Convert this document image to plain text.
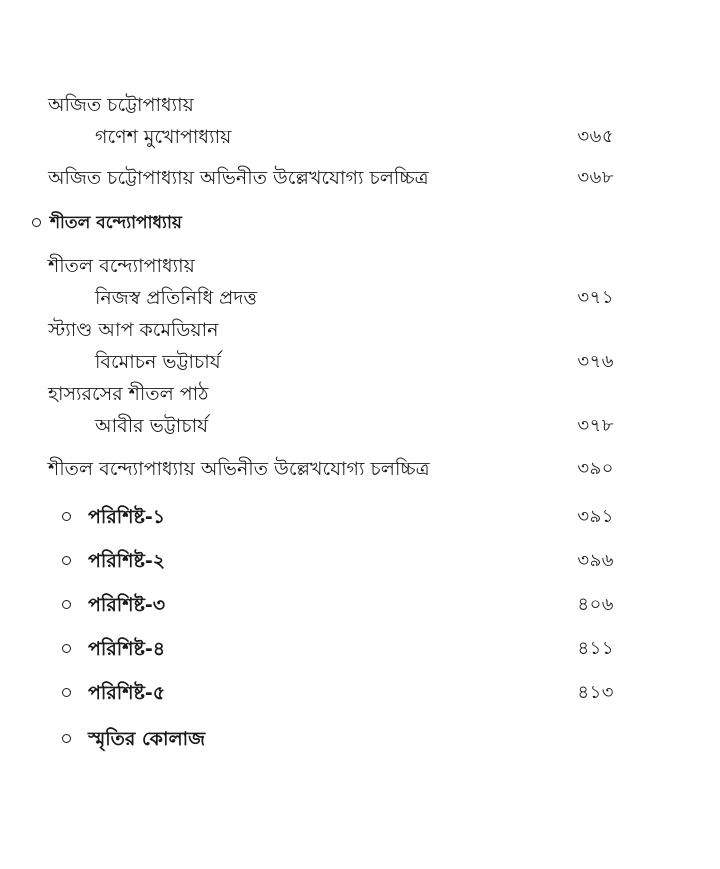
অজিত চট্টোপাধ্যায়
গণেশ মুখোপাধ্যায়	৩৬৫
অজিত চট্টোপাধ্যায় অভিনীত উল্লেখযোগ্য চলচ্চিত্র	৩৬৮
শীতল বন্দ্যোপাধ্যায়
শীতল বন্দ্যোপাধ্যায়
নিজস্ব প্রতিনিধি প্রদত্ত	৩৭১
স্ট্যাণ্ড আপ কমেডিয়ান
বিমোচন ভট্টাচার্য	৩৭৬
হাস্যরসের শীতল পাঠ
আবীর ভট্টাচার্য	৩৭৮
শীতল বন্দ্যোপাধ্যায় অভিনীত উল্লেখযোগ্য চলচ্চিত্র	৩৯০
পরিশিষ্ট-১	৩৯১
পরিশিষ্ট-২	৩৯৬
পরিশিষ্ট-৩	৪০৬
পরিশিষ্ট-৪	৪১১
পরিশিষ্ট-৫	৪১৩
স্মৃতির কোলাজ
